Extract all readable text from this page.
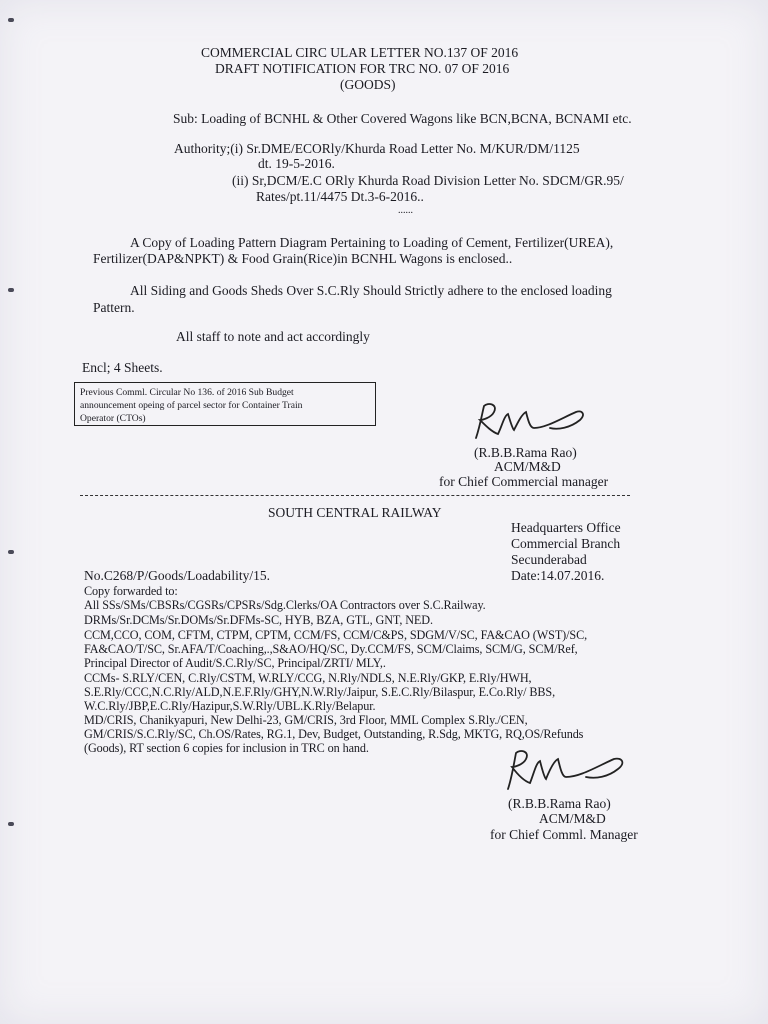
COMMERCIAL CIRC ULAR LETTER NO.137 OF 2016
DRAFT NOTIFICATION FOR TRC NO. 07 OF 2016
(GOODS)
Sub: Loading of BCNHL & Other Covered Wagons like BCN,BCNA, BCNAMI etc.
Authority;(i) Sr.DME/ECORly/Khurda Road Letter No. M/KUR/DM/1125
dt. 19-5-2016.
(ii) Sr,DCM/E.C ORly Khurda Road Division Letter No. SDCM/GR.95/
Rates/pt.11/4475 Dt.3-6-2016..
......
A Copy of Loading Pattern Diagram Pertaining to Loading of Cement, Fertilizer(UREA),
Fertilizer(DAP&NPKT) & Food Grain(Rice)in BCNHL Wagons is enclosed..
All Siding and Goods Sheds Over S.C.Rly Should Strictly adhere to the enclosed loading
Pattern.
All staff to note and act accordingly
Encl; 4 Sheets.
Previous Comml. Circular No 136. of 2016 Sub Budget
announcement opeing of parcel sector for Container Train
Operator (CTOs)
(R.B.B.Rama Rao)
ACM/M&D
for Chief Commercial manager
SOUTH CENTRAL RAILWAY
Headquarters Office
Commercial Branch
Secunderabad
No.C268/P/Goods/Loadability/15.	Date:14.07.2016.
Copy forwarded to:
All SSs/SMs/CBSRs/CGSRs/CPSRs/Sdg.Clerks/OA Contractors over S.C.Railway.
DRMs/Sr.DCMs/Sr.DOMs/Sr.DFMs-SC, HYB, BZA, GTL, GNT, NED.
CCM,CCO, COM, CFTM, CTPM, CPTM, CCM/FS, CCM/C&PS, SDGM/V/SC, FA&CAO (WST)/SC,
FA&CAO/T/SC, Sr.AFA/T/Coaching,.,S&AO/HQ/SC, Dy.CCM/FS, SCM/Claims, SCM/G, SCM/Ref,
Principal Director of Audit/S.C.Rly/SC, Principal/ZRTI/ MLY,.
CCMs- S.RLY/CEN, C.Rly/CSTM, W.RLY/CCG, N.Rly/NDLS, N.E.Rly/GKP, E.Rly/HWH,
S.E.Rly/CCC,N.C.Rly/ALD,N.E.F.Rly/GHY,N.W.Rly/Jaipur, S.E.C.Rly/Bilaspur, E.Co.Rly/ BBS,
W.C.Rly/JBP,E.C.Rly/Hazipur,S.W.Rly/UBL.K.Rly/Belapur.
MD/CRIS, Chanikyapuri, New Delhi-23, GM/CRIS, 3rd Floor, MML Complex S.Rly./CEN,
GM/CRIS/S.C.Rly/SC, Ch.OS/Rates, RG.1, Dev, Budget, Outstanding, R.Sdg, MKTG, RQ,OS/Refunds
(Goods), RT section 6 copies for inclusion in TRC on hand.
(R.B.B.Rama Rao)
ACM/M&D
for Chief Comml. Manager
